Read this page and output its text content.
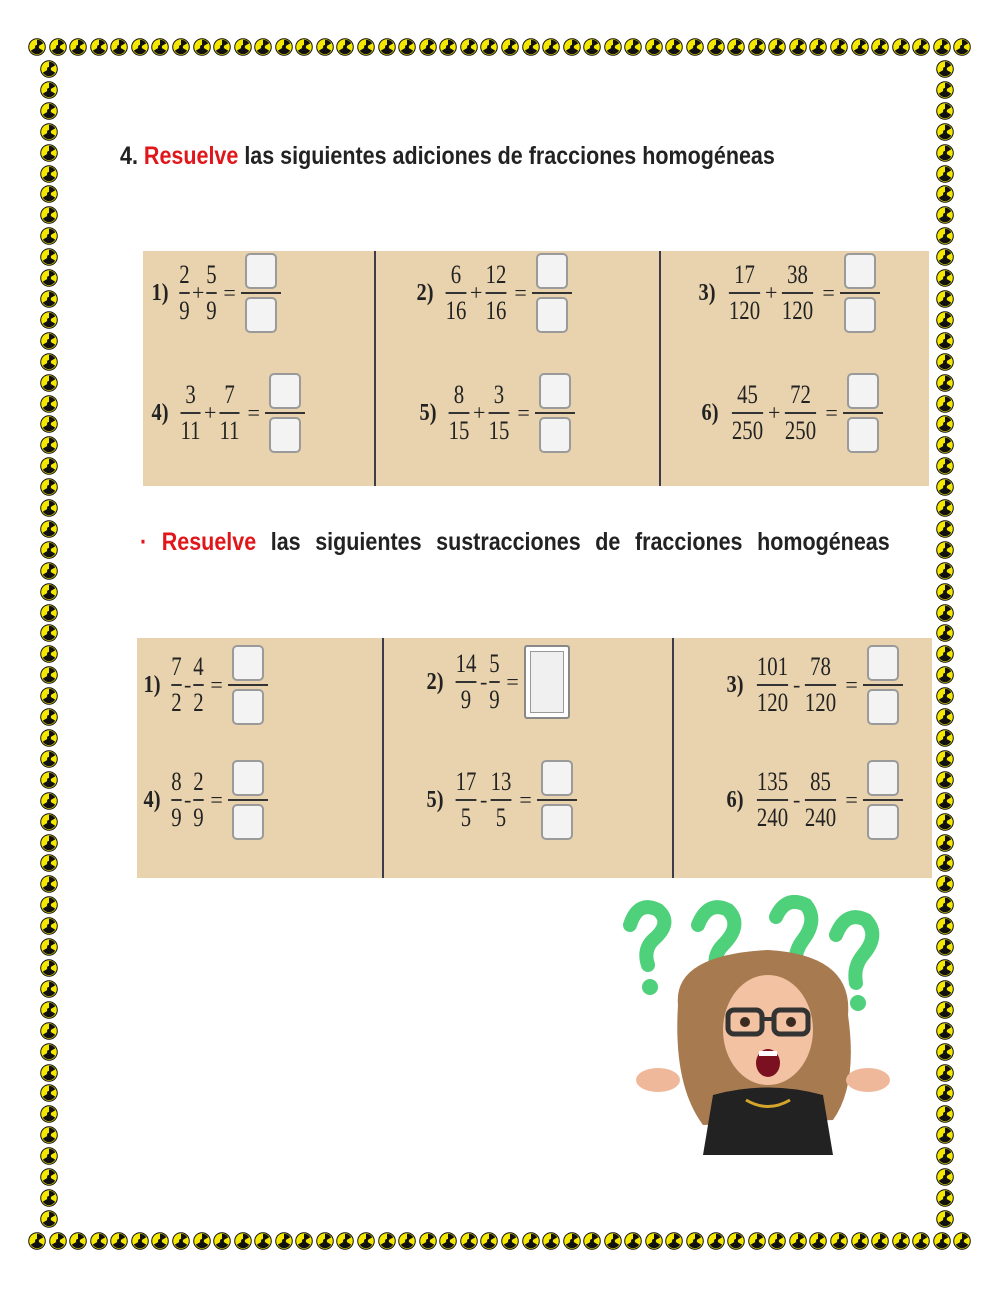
4. Resuelve las siguientes adiciones de fracciones homogéneas
· Resuelve las siguientes sustracciones de fracciones homogéneas
$1) \frac{2}{9} + \frac{5}{9}$ =	$2) \frac{6}{16} + \frac{12}{16}$ =	$3) \frac{17}{120} + \frac{38}{120}$ =
$4) \frac{3}{11} + \frac{7}{11}$ =	$5) \frac{8}{15} + \frac{3}{15}$ =	$6) \frac{45}{250} + \frac{72}{250}$ =
$1) \frac{7}{2} - \frac{4}{2}$ =	$2) \frac{14}{9} - \frac{5}{9}$ =	$3) \frac{101}{120} - \frac{78}{120}$ =
$4) \frac{8}{9} - \frac{2}{9}$ =	$5) \frac{17}{5} - \frac{13}{5}$ =	$6) \frac{135}{240} - \frac{85}{240}$ =
